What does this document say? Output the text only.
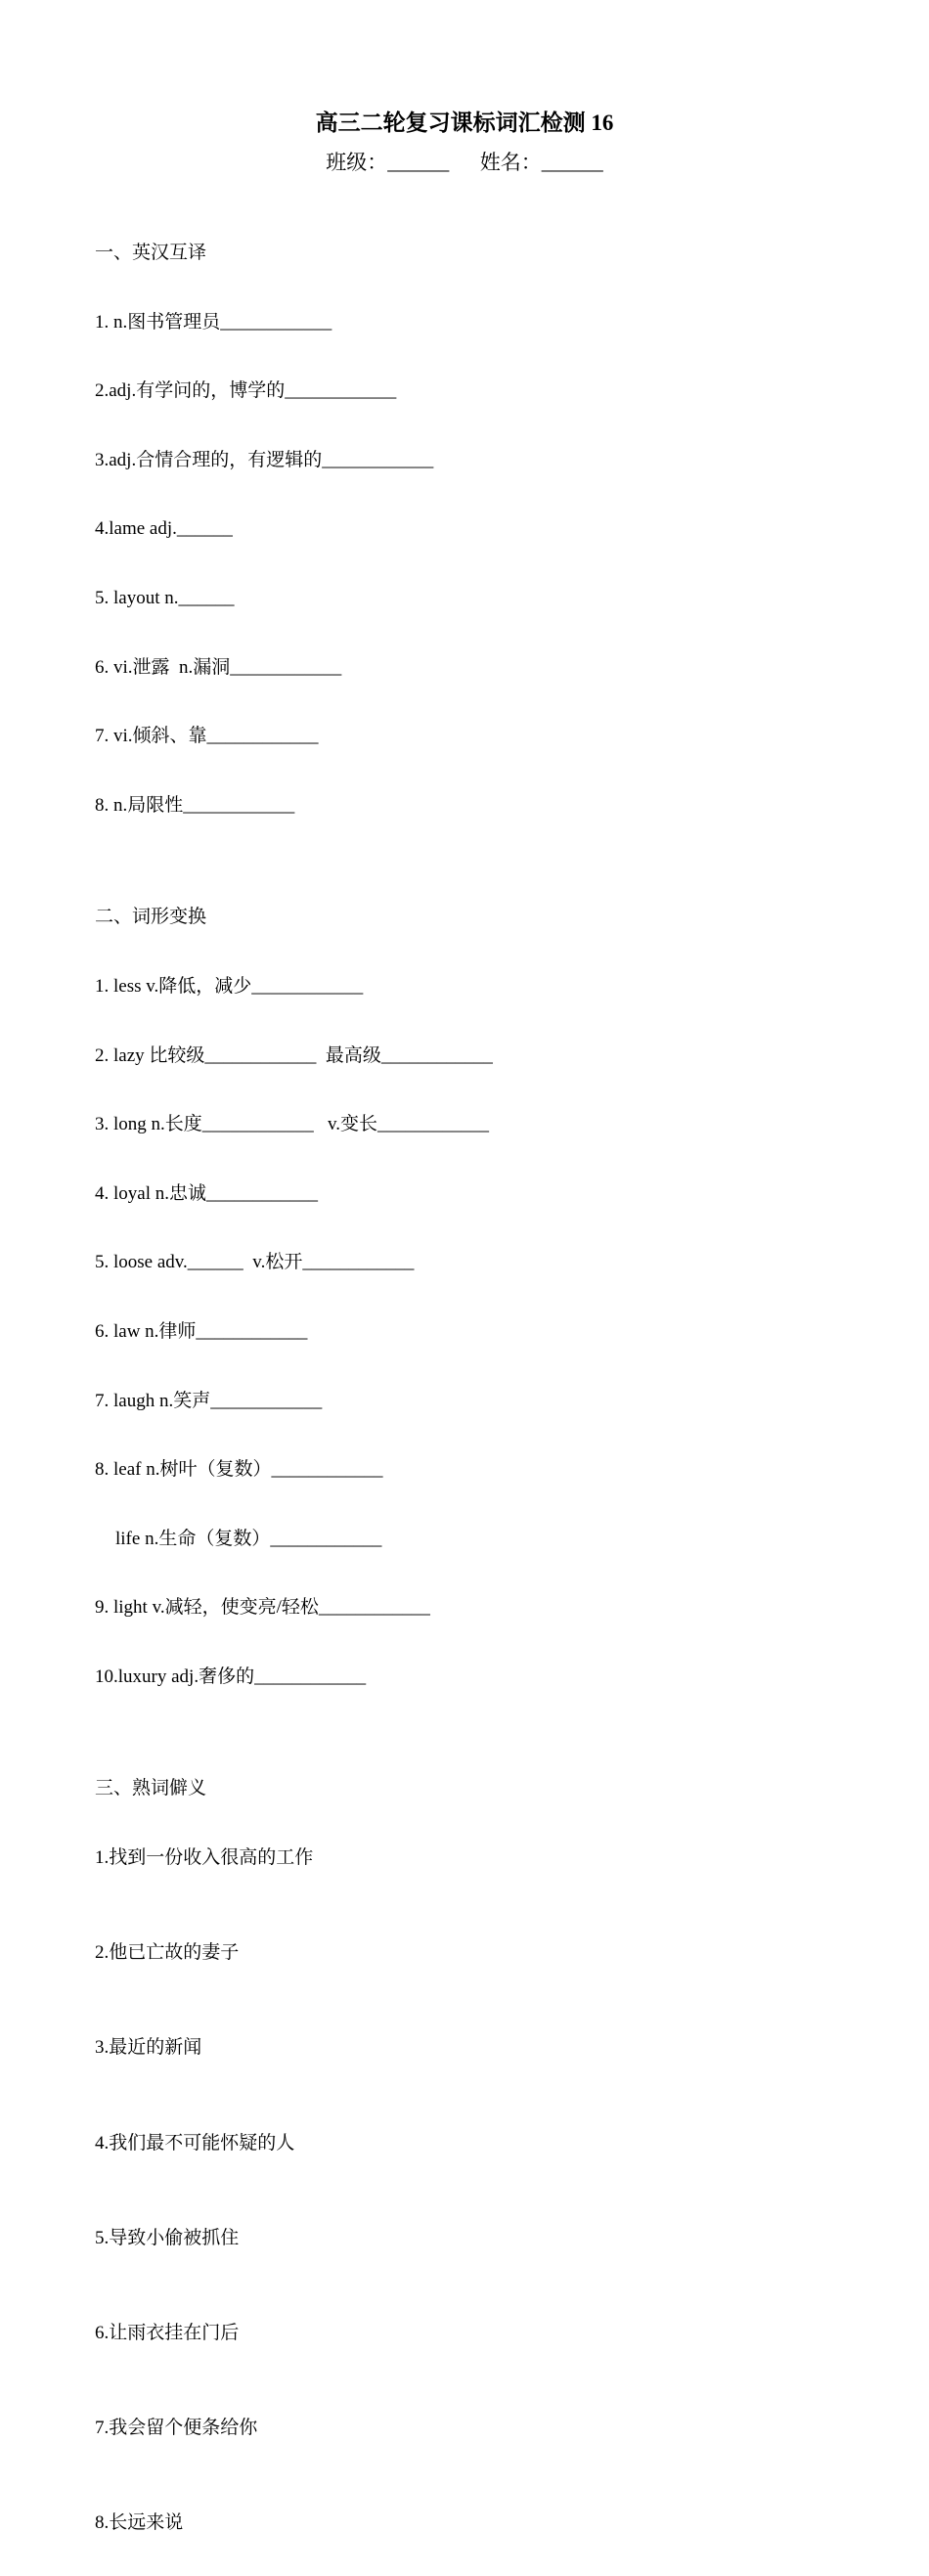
高三二轮复习课标词汇检测 16
班级：______      姓名：______

一、英汉互译

1. n.图书管理员____________

2.adj.有学问的，博学的____________

3.adj.合情合理的，有逻辑的____________

4.lame adj.______

5. layout n.______

6. vi.泄露  n.漏洞____________

7. vi.倾斜、靠____________

8. n.局限性____________

二、词形变换

1. less v.降低，减少____________

2. lazy 比较级____________  最高级____________

3. long n.长度____________   v.变长____________

4. loyal n.忠诚____________

5. loose adv.______  v.松开____________

6. law n.律师____________

7. laugh n.笑声____________

8. leaf n.树叶（复数）____________

life n.生命（复数）____________

9. light v.减轻，使变亮/轻松____________

10.luxury adj.奢侈的____________

三、熟词僻义

1.找到一份收入很高的工作

2.他已亡故的妻子

3.最近的新闻

4.我们最不可能怀疑的人

5.导致小偷被抓住

6.让雨衣挂在门后

7.我会留个便条给你

8.长远来说
